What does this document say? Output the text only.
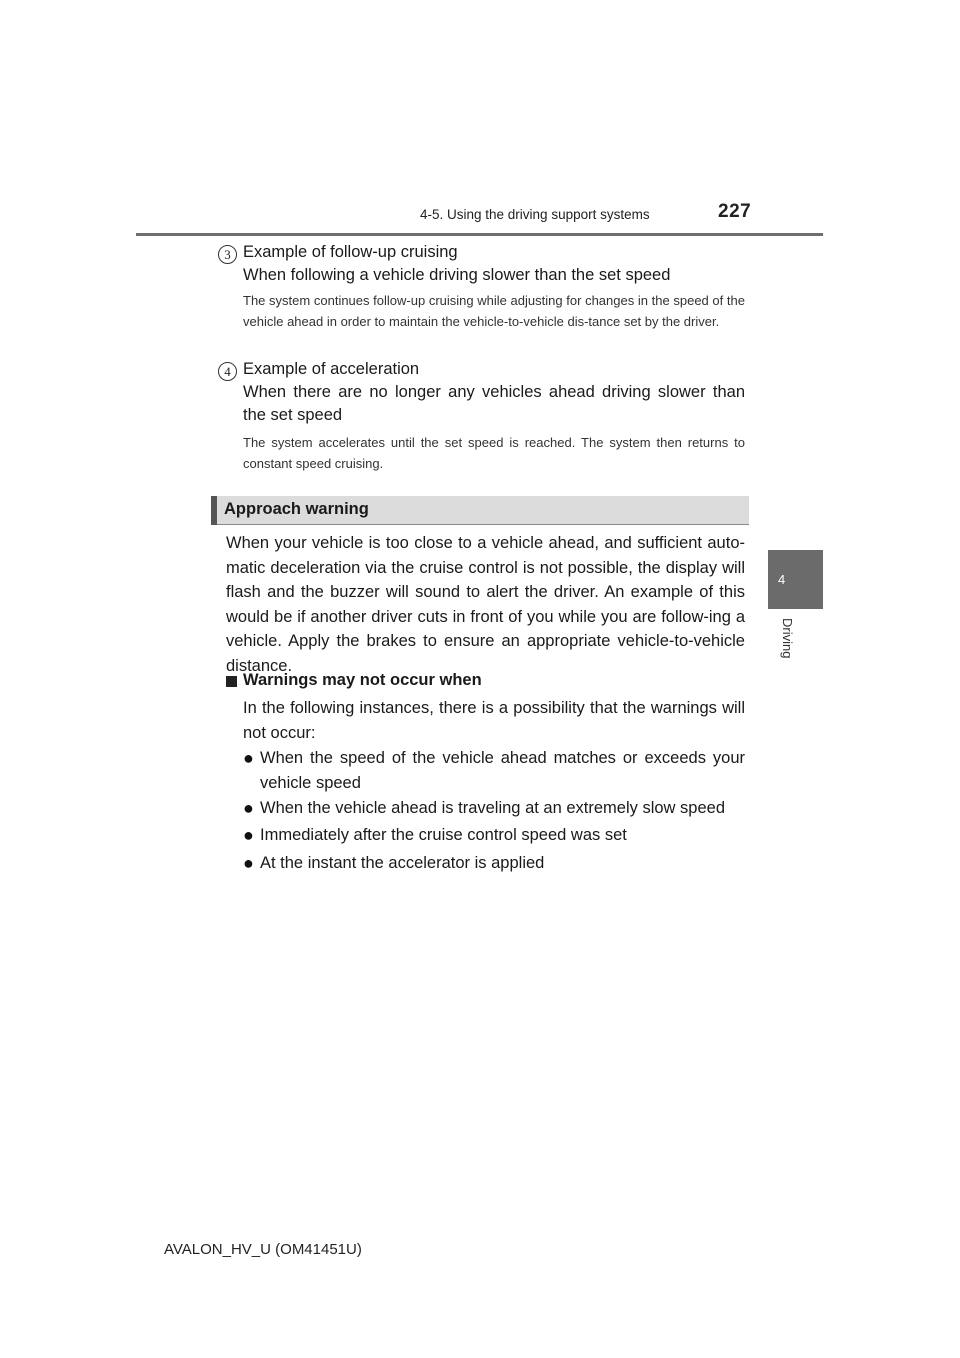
4-5. Using the driving support systems	227
4
Driving
3 Example of follow-up cruising
When following a vehicle driving slower than the set speed
The system continues follow-up cruising while adjusting for changes in the speed of the vehicle ahead in order to maintain the vehicle-to-vehicle dis-tance set by the driver.
4 Example of acceleration
When there are no longer any vehicles ahead driving slower than the set speed
The system accelerates until the set speed is reached. The system then returns to constant speed cruising.
Approach warning
When your vehicle is too close to a vehicle ahead, and sufficient auto-matic deceleration via the cruise control is not possible, the display will flash and the buzzer will sound to alert the driver. An example of this would be if another driver cuts in front of you while you are follow-ing a vehicle. Apply the brakes to ensure an appropriate vehicle-to-vehicle distance.
Warnings may not occur when
In the following instances, there is a possibility that the warnings will not occur:
● When the speed of the vehicle ahead matches or exceeds your vehicle speed
● When the vehicle ahead is traveling at an extremely slow speed
● Immediately after the cruise control speed was set
● At the instant the accelerator is applied
AVALON_HV_U (OM41451U)
